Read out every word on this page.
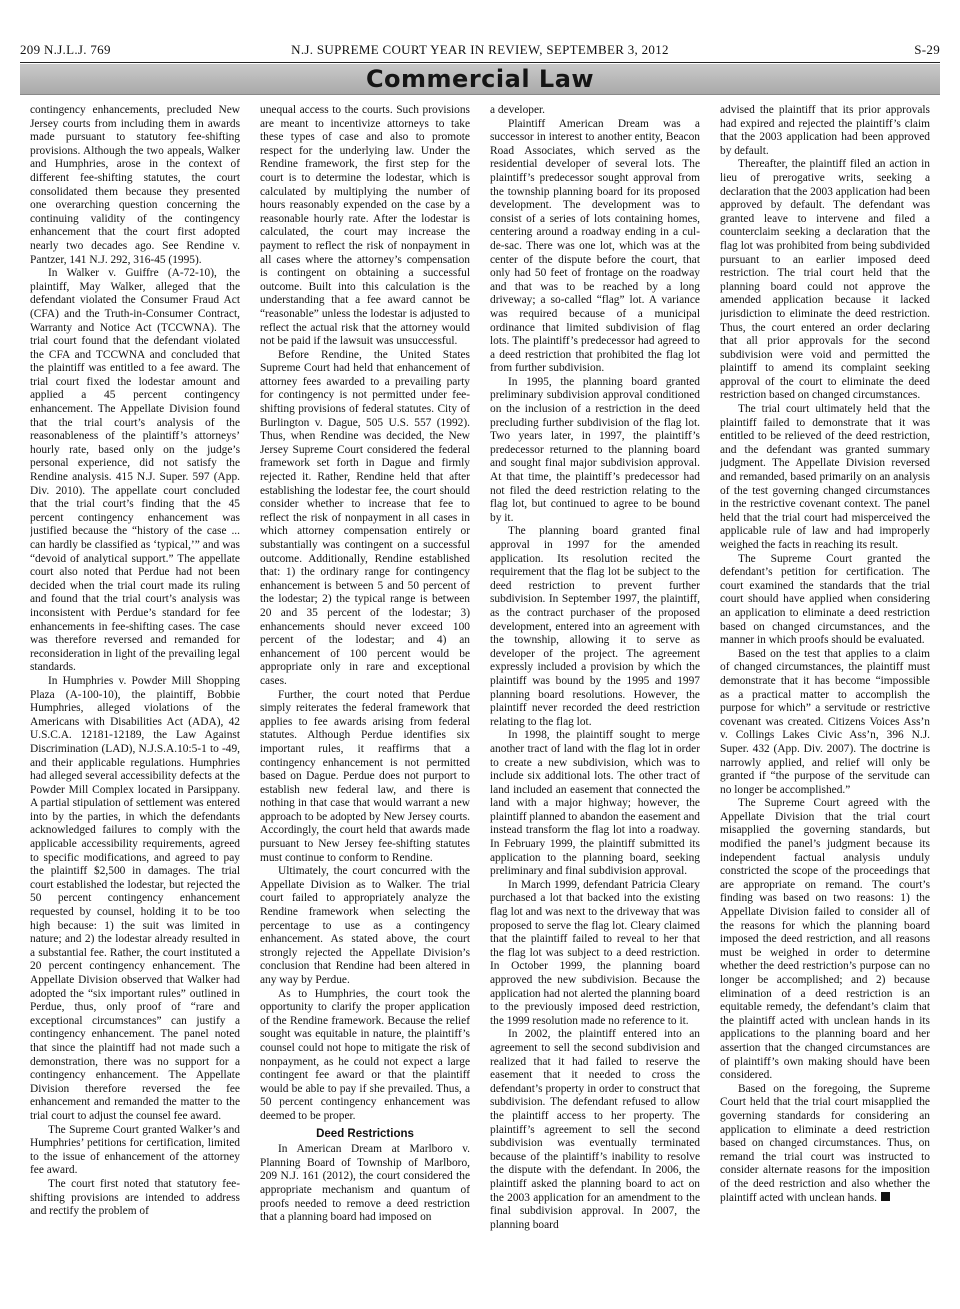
209 N.J.L.J. 769	N.J. SUPREME COURT YEAR IN REVIEW, SEPTEMBER 3, 2012	S-29
Commercial Law

contingency enhancements, precluded New Jersey courts from including them in awards made pursuant to statutory fee-shifting provisions. Although the two appeals, Walker and Humphries, arose in the context of different fee-shifting statutes, the court consolidated them because they presented one overarching question concerning the continuing validity of the contingency enhancement that the court first adopted nearly two decades ago. See Rendine v. Pantzer, 141 N.J. 292, 316-45 (1995).

In Walker v. Guiffre (A-72-10), the plaintiff, May Walker, alleged that the defendant violated the Consumer Fraud Act (CFA) and the Truth-in-Consumer Contract, Warranty and Notice Act (TCCWNA). The trial court found that the defendant violated the CFA and TCCWNA and concluded that the plaintiff was entitled to a fee award. The trial court fixed the lodestar amount and applied a 45 percent contingency enhancement. The Appellate Division found that the trial court’s analysis of the reasonableness of the plaintiff’s attorneys’ hourly rate, based only on the judge’s personal experience, did not satisfy the Rendine analysis. 415 N.J. Super. 597 (App. Div. 2010). The appellate court concluded that the trial court’s finding that the 45 percent contingency enhancement was justified because the “history of the case ... can hardly be classified as ‘typical,’” and was “devoid of analytical support.” The appellate court also noted that Perdue had not been decided when the trial court made its ruling and found that the trial court’s analysis was inconsistent with Perdue’s standard for fee enhancements in fee-shifting cases. The case was therefore reversed and remanded for reconsideration in light of the prevailing legal standards.

In Humphries v. Powder Mill Shopping Plaza (A-100-10), the plaintiff, Bobbie Humphries, alleged violations of the Americans with Disabilities Act (ADA), 42 U.S.C.A. 12181-12189, the Law Against Discrimination (LAD), N.J.S.A.10:5-1 to -49, and their applicable regulations. Humphries had alleged several accessibility defects at the Powder Mill Complex located in Parsippany. A partial stipulation of settlement was entered into by the parties, in which the defendants acknowledged failures to comply with the applicable accessibility requirements, agreed to specific modifications, and agreed to pay the plaintiff $2,500 in damages. The trial court established the lodestar, but rejected the 50 percent contingency enhancement requested by counsel, holding it to be too high because: 1) the suit was limited in nature; and 2) the lodestar already resulted in a substantial fee. Rather, the court instituted a 20 percent contingency enhancement. The Appellate Division observed that Walker had adopted the “six important rules” outlined in Perdue, thus, only proof of “rare and exceptional circumstances” can justify a contingency enhancement. The panel noted that since the plaintiff had not made such a demonstration, there was no support for a contingency enhancement. The Appellate Division therefore reversed the fee enhancement and remanded the matter to the trial court to adjust the counsel fee award.

The Supreme Court granted Walker’s and Humphries’ petitions for certification, limited to the issue of enhancement of the attorney fee award.

The court first noted that statutory fee-shifting provisions are intended to address and rectify the problem of

unequal access to the courts. Such provisions are meant to incentivize attorneys to take these types of case and also to promote respect for the underlying law. Under the Rendine framework, the first step for the court is to determine the lodestar, which is calculated by multiplying the number of hours reasonably expended on the case by a reasonable hourly rate. After the lodestar is calculated, the court may increase the payment to reflect the risk of nonpayment in all cases where the attorney’s compensation is contingent on obtaining a successful outcome. Built into this calculation is the understanding that a fee award cannot be “reasonable” unless the lodestar is adjusted to reflect the actual risk that the attorney would not be paid if the lawsuit was unsuccessful.

Before Rendine, the United States Supreme Court had held that enhancement of attorney fees awarded to a prevailing party for contingency is not permitted under fee-shifting provisions of federal statutes. City of Burlington v. Dague, 505 U.S. 557 (1992). Thus, when Rendine was decided, the New Jersey Supreme Court considered the federal framework set forth in Dague and firmly rejected it. Rather, Rendine held that after establishing the lodestar fee, the court should consider whether to increase that fee to reflect the risk of nonpayment in all cases in which attorney compensation entirely or substantially was contingent on a successful outcome. Additionally, Rendine established that: 1) the ordinary range for contingency enhancement is between 5 and 50 percent of the lodestar; 2) the typical range is between 20 and 35 percent of the lodestar; 3) enhancements should never exceed 100 percent of the lodestar; and 4) an enhancement of 100 percent would be appropriate only in rare and exceptional cases.

Further, the court noted that Perdue simply reiterates the federal framework that applies to fee awards arising from federal statutes. Although Perdue identifies six important rules, it reaffirms that a contingency enhancement is not permitted based on Dague. Perdue does not purport to establish new federal law, and there is nothing in that case that would warrant a new approach to be adopted by New Jersey courts. Accordingly, the court held that awards made pursuant to New Jersey fee-shifting statutes must continue to conform to Rendine.

Ultimately, the court concurred with the Appellate Division as to Walker. The trial court failed to appropriately analyze the Rendine framework when selecting the percentage to use as a contingency enhancement. As stated above, the court strongly rejected the Appellate Division’s conclusion that Rendine had been altered in any way by Perdue.

As to Humphries, the court took the opportunity to clarify the proper application of the Rendine framework. Because the relief sought was equitable in nature, the plaintiff’s counsel could not hope to mitigate the risk of nonpayment, as he could not expect a large contingent fee award or that the plaintiff would be able to pay if she prevailed. Thus, a 50 percent contingency enhancement was deemed to be proper.

Deed Restrictions

In American Dream at Marlboro v. Planning Board of Township of Marlboro, 209 N.J. 161 (2012), the court considered the appropriate mechanism and quantum of proofs needed to remove a deed restriction that a planning board had imposed on

a developer.

Plaintiff American Dream was a successor in interest to another entity, Beacon Road Associates, which served as the residential developer of several lots. The plaintiff’s predecessor sought approval from the township planning board for its proposed development. The development was to consist of a series of lots containing homes, centering around a roadway ending in a cul-de-sac. There was one lot, which was at the center of the dispute before the court, that only had 50 feet of frontage on the roadway and that was to be reached by a long driveway; a so-called “flag” lot. A variance was required because of a municipal ordinance that limited subdivision of flag lots. The plaintiff’s predecessor had agreed to a deed restriction that prohibited the flag lot from further subdivision.

In 1995, the planning board granted preliminary subdivision approval conditioned on the inclusion of a restriction in the deed precluding further subdivision of the flag lot. Two years later, in 1997, the plaintiff’s predecessor returned to the planning board and sought final major subdivision approval. At that time, the plaintiff’s predecessor had not filed the deed restriction relating to the flag lot, but continued to agree to be bound by it.

The planning board granted final approval in 1997 for the amended application. Its resolution recited the requirement that the flag lot be subject to the deed restriction to prevent further subdivision. In September 1997, the plaintiff, as the contract purchaser of the proposed development, entered into an agreement with the township, allowing it to serve as developer of the project. The agreement expressly included a provision by which the plaintiff was bound by the 1995 and 1997 planning board resolutions. However, the plaintiff never recorded the deed restriction relating to the flag lot.

In 1998, the plaintiff sought to merge another tract of land with the flag lot in order to create a new subdivision, which was to include six additional lots. The other tract of land included an easement that connected the land with a major highway; however, the plaintiff planned to abandon the easement and instead transform the flag lot into a roadway. In February 1999, the plaintiff submitted its application to the planning board, seeking preliminary and final subdivision approval.

In March 1999, defendant Patricia Cleary purchased a lot that backed into the existing flag lot and was next to the driveway that was proposed to serve the flag lot. Cleary claimed that the plaintiff failed to reveal to her that the flag lot was subject to a deed restriction. In October 1999, the planning board approved the new subdivision. Because the application had not alerted the planning board to the previously imposed deed restriction, the 1999 resolution made no reference to it.

In 2002, the plaintiff entered into an agreement to sell the second subdivision and realized that it had failed to reserve the easement that it needed to cross the defendant’s property in order to construct that subdivision. The defendant refused to allow the plaintiff access to her property. The plaintiff’s agreement to sell the second subdivision was eventually terminated because of the plaintiff’s inability to resolve the dispute with the defendant. In 2006, the plaintiff asked the planning board to act on the 2003 application for an amendment to the final subdivision approval. In 2007, the planning board

advised the plaintiff that its prior approvals had expired and rejected the plaintiff’s claim that the 2003 application had been approved by default.

Thereafter, the plaintiff filed an action in lieu of prerogative writs, seeking a declaration that the 2003 application had been approved by default. The defendant was granted leave to intervene and filed a counterclaim seeking a declaration that the flag lot was prohibited from being subdivided pursuant to an earlier imposed deed restriction. The trial court held that the planning board could not approve the amended application because it lacked jurisdiction to eliminate the deed restriction. Thus, the court entered an order declaring that all prior approvals for the second subdivision were void and permitted the plaintiff to amend its complaint seeking approval of the court to eliminate the deed restriction based on changed circumstances.

The trial court ultimately held that the plaintiff failed to demonstrate that it was entitled to be relieved of the deed restriction, and the defendant was granted summary judgment. The Appellate Division reversed and remanded, based primarily on an analysis of the test governing changed circumstances in the restrictive covenant context. The panel held that the trial court had misperceived the applicable rule of law and had improperly weighed the facts in reaching its result.

The Supreme Court granted the defendant’s petition for certification. The court examined the standards that the trial court should have applied when considering an application to eliminate a deed restriction based on changed circumstances, and the manner in which proofs should be evaluated.

Based on the test that applies to a claim of changed circumstances, the plaintiff must demonstrate that it has become “impossible as a practical matter to accomplish the purpose for which” a servitude or restrictive covenant was created. Citizens Voices Ass’n v. Collings Lakes Civic Ass’n, 396 N.J. Super. 432 (App. Div. 2007). The doctrine is narrowly applied, and relief will only be granted if “the purpose of the servitude can no longer be accomplished.”

The Supreme Court agreed with the Appellate Division that the trial court misapplied the governing standards, but modified the panel’s judgment because its independent factual analysis unduly constricted the scope of the proceedings that are appropriate on remand. The court’s finding was based on two reasons: 1) the Appellate Division failed to consider all of the reasons for which the planning board imposed the deed restriction, and all reasons must be weighed in order to determine whether the deed restriction’s purpose can no longer be accomplished; and 2) because elimination of a deed restriction is an equitable remedy, the defendant’s claim that the plaintiff acted with unclean hands in its applications to the planning board and her assertion that the changed circumstances are of plaintiff’s own making should have been considered.

Based on the foregoing, the Supreme Court held that the trial court misapplied the governing standards for considering an application to eliminate a deed restriction based on changed circumstances. Thus, on remand the trial court was instructed to consider alternate reasons for the imposition of the deed restriction and also whether the plaintiff acted with unclean hands.
